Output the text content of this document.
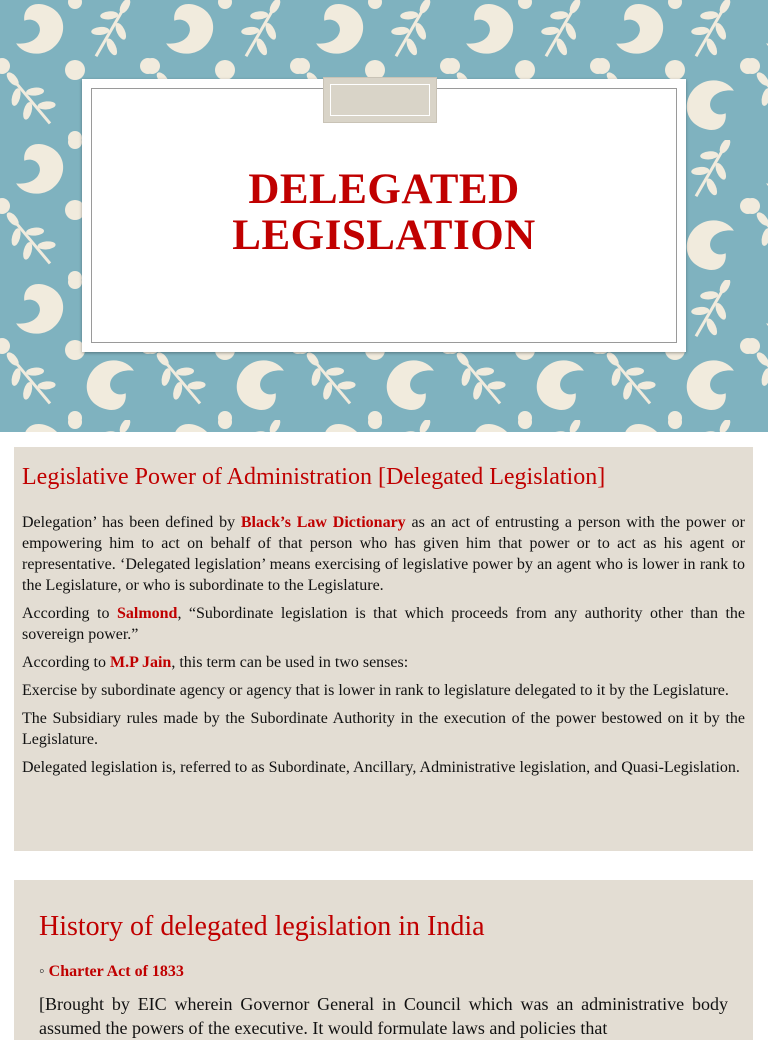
DELEGATED
LEGISLATION
Legislative Power of Administration [Delegated Legislation]

Delegation’ has been defined by Black’s Law Dictionary as an act of entrusting a person with the power or empowering him to act on behalf of that person who has given him that power or to act as his agent or representative. ‘Delegated legislation’ means exercising of legislative power by an agent who is lower in rank to the Legislature, or who is subordinate to the Legislature.

According to Salmond, “Subordinate legislation is that which proceeds from any authority other than the sovereign power.”

According to M.P Jain, this term can be used in two senses:

Exercise by subordinate agency or agency that is lower in rank to legislature delegated to it by the Legislature.

The Subsidiary rules made by the Subordinate Authority in the execution of the power bestowed on it by the Legislature.

Delegated legislation is, referred to as Subordinate, Ancillary, Administrative legislation, and Quasi-Legislation.

History of delegated legislation in India
◦ Charter Act of 1833
[Brought by EIC wherein Governor General in Council which was an administrative body assumed the powers of the executive. It would formulate laws and policies that
